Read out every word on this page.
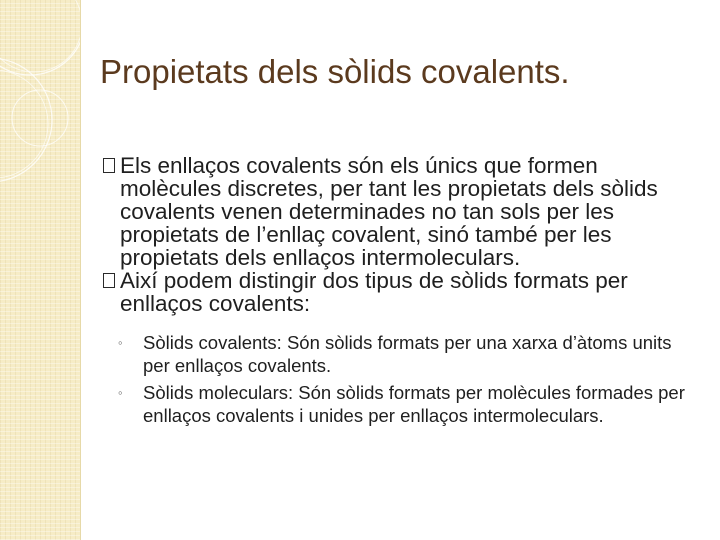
Propietats dels sòlids covalents.
Els enllaços covalents són els únics que formen molècules discretes, per tant les propietats dels sòlids covalents venen determinades no tan sols per les propietats de l’enllaç covalent, sinó també per les propietats dels enllaços intermoleculars.
Així podem distingir dos tipus de sòlids formats per enllaços covalents:
◦ Sòlids covalents: Són sòlids formats per una xarxa d’àtoms units per enllaços covalents.
◦ Sòlids moleculars: Són sòlids formats per molècules formades per enllaços covalents i unides per enllaços intermoleculars.
